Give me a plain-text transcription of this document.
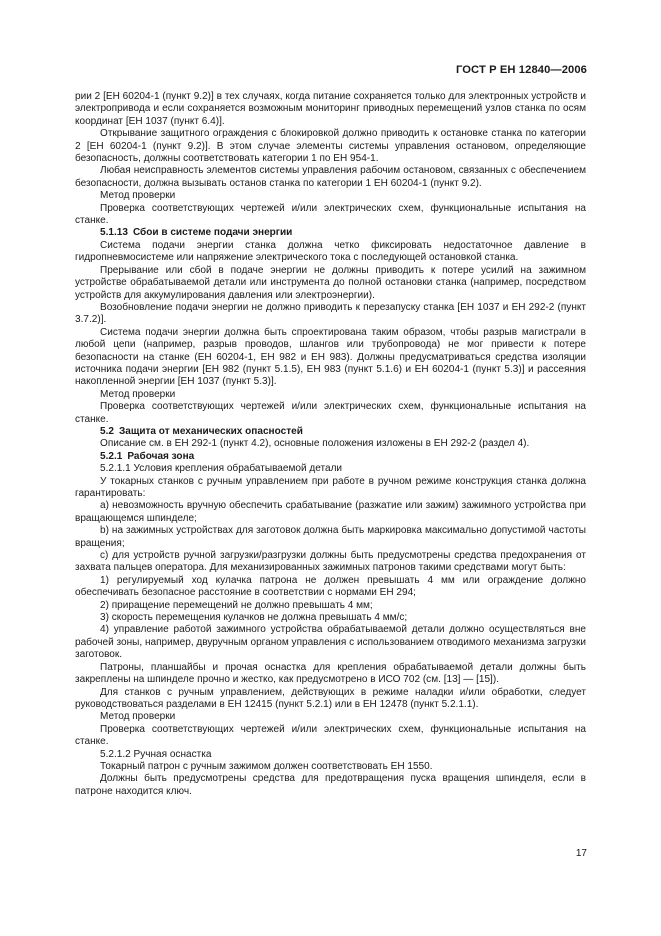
ГОСТ Р ЕН 12840—2006

рии 2 [ЕН 60204-1 (пункт 9.2)] в тех случаях, когда питание сохраняется только для электронных устройств и электропривода и если сохраняется возможным мониторинг приводных перемещений узлов станка по осям координат [ЕН 1037 (пункт 6.4)].

Открывание защитного ограждения с блокировкой должно приводить к остановке станка по категории 2 [ЕН 60204-1 (пункт 9.2)]. В этом случае элементы системы управления остановом, определяющие безопасность, должны соответствовать категории 1 по ЕН 954-1.

Любая неисправность элементов системы управления рабочим остановом, связанных с обеспечением безопасности, должна вызывать останов станка по категории 1 ЕН 60204-1 (пункт 9.2).

Метод проверки

Проверка соответствующих чертежей и/или электрических схем, функциональные испытания на станке.

5.1.13 Сбои в системе подачи энергии

Система подачи энергии станка должна четко фиксировать недостаточное давление в гидропневмосистеме или напряжение электрического тока с последующей остановкой станка.

Прерывание или сбой в подаче энергии не должны приводить к потере усилий на зажимном устройстве обрабатываемой детали или инструмента до полной остановки станка (например, посредством устройств для аккумулирования давления или электроэнергии).

Возобновление подачи энергии не должно приводить к перезапуску станка [ЕН 1037 и ЕН 292-2 (пункт 3.7.2)].

Система подачи энергии должна быть спроектирована таким образом, чтобы разрыв магистрали в любой цепи (например, разрыв проводов, шлангов или трубопровода) не мог привести к потере безопасности на станке (ЕН 60204-1, ЕН 982 и ЕН 983). Должны предусматриваться средства изоляции источника подачи энергии [ЕН 982 (пункт 5.1.5), ЕН 983 (пункт 5.1.6) и ЕН 60204-1 (пункт 5.3)] и рассеяния накопленной энергии [ЕН 1037 (пункт 5.3)].

Метод проверки

Проверка соответствующих чертежей и/или электрических схем, функциональные испытания на станке.

5.2 Защита от механических опасностей

Описание см. в ЕН 292-1 (пункт 4.2), основные положения изложены в ЕН 292-2 (раздел 4).

5.2.1 Рабочая зона

5.2.1.1 Условия крепления обрабатываемой детали

У токарных станков с ручным управлением при работе в ручном режиме конструкция станка должна гарантировать:

а) невозможность вручную обеспечить срабатывание (разжатие или зажим) зажимного устройства при вращающемся шпинделе;

b) на зажимных устройствах для заготовок должна быть маркировка максимально допустимой частоты вращения;

с) для устройств ручной загрузки/разгрузки должны быть предусмотрены средства предохранения от захвата пальцев оператора. Для механизированных зажимных патронов такими средствами могут быть:

1) регулируемый ход кулачка патрона не должен превышать 4 мм или ограждение должно обеспечивать безопасное расстояние в соответствии с нормами ЕН 294;

2) приращение перемещений не должно превышать 4 мм;

3) скорость перемещения кулачков не должна превышать 4 мм/с;

4) управление работой зажимного устройства обрабатываемой детали должно осуществляться вне рабочей зоны, например, двуручным органом управления с использованием отводимого механизма загрузки заготовок.

Патроны, планшайбы и прочая оснастка для крепления обрабатываемой детали должны быть закреплены на шпинделе прочно и жестко, как предусмотрено в ИСО 702 (см. [13] — [15]).

Для станков с ручным управлением, действующих в режиме наладки и/или обработки, следует руководствоваться разделами в ЕН 12415 (пункт 5.2.1) или в ЕН 12478 (пункт 5.2.1.1).

Метод проверки

Проверка соответствующих чертежей и/или электрических схем, функциональные испытания на станке.

5.2.1.2 Ручная оснастка

Токарный патрон с ручным зажимом должен соответствовать ЕН 1550.

Должны быть предусмотрены средства для предотвращения пуска вращения шпинделя, если в патроне находится ключ.

17
